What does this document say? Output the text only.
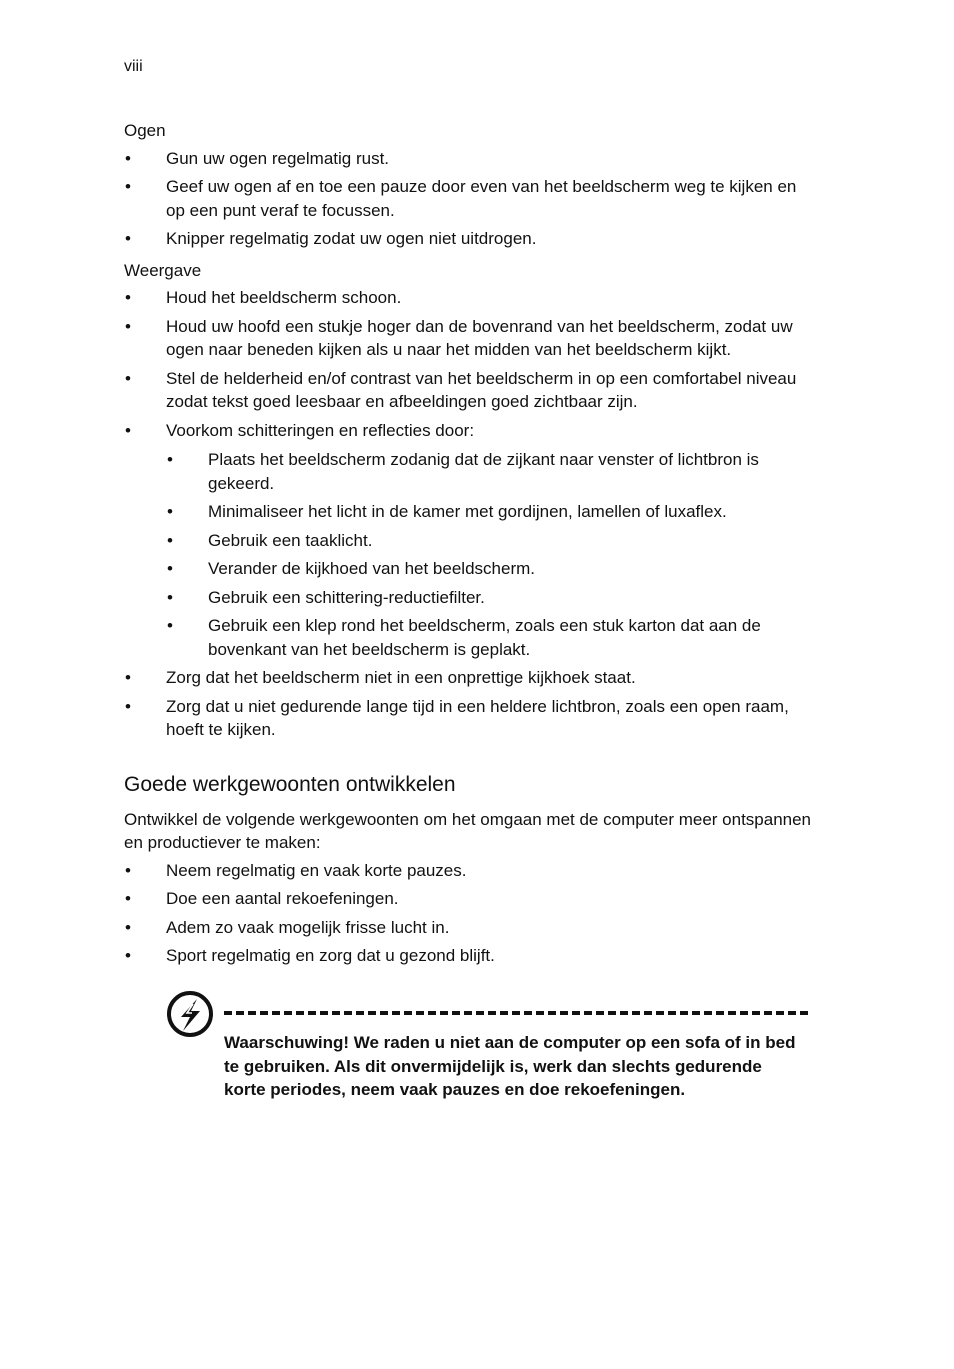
viii
Ogen
• Gun uw ogen regelmatig rust.
• Geef uw ogen af en toe een pauze door even van het beeldscherm weg te kijken en op een punt veraf te focussen.
• Knipper regelmatig zodat uw ogen niet uitdrogen.
Weergave
• Houd het beeldscherm schoon.
• Houd uw hoofd een stukje hoger dan de bovenrand van het beeldscherm, zodat uw ogen naar beneden kijken als u naar het midden van het beeldscherm kijkt.
• Stel de helderheid en/of contrast van het beeldscherm in op een comfortabel niveau zodat tekst goed leesbaar en afbeeldingen goed zichtbaar zijn.
• Voorkom schitteringen en reflecties door:
• Plaats het beeldscherm zodanig dat de zijkant naar venster of lichtbron is gekeerd.
• Minimaliseer het licht in de kamer met gordijnen, lamellen of luxaflex.
• Gebruik een taaklicht.
• Verander de kijkhoed van het beeldscherm.
• Gebruik een schittering-reductiefilter.
• Gebruik een klep rond het beeldscherm, zoals een stuk karton dat aan de bovenkant van het beeldscherm is geplakt.
• Zorg dat het beeldscherm niet in een onprettige kijkhoek staat.
• Zorg dat u niet gedurende lange tijd in een heldere lichtbron, zoals een open raam, hoeft te kijken.
Goede werkgewoonten ontwikkelen

Ontwikkel de volgende werkgewoonten om het omgaan met de computer meer ontspannen en productiever te maken:

• Neem regelmatig en vaak korte pauzes.
• Doe een aantal rekoefeningen.
• Adem zo vaak mogelijk frisse lucht in.
• Sport regelmatig en zorg dat u gezond blijft.
Waarschuwing! We raden u niet aan de computer op een sofa of in bed te gebruiken. Als dit onvermijdelijk is, werk dan slechts gedurende korte periodes, neem vaak pauzes en doe rekoefeningen.
